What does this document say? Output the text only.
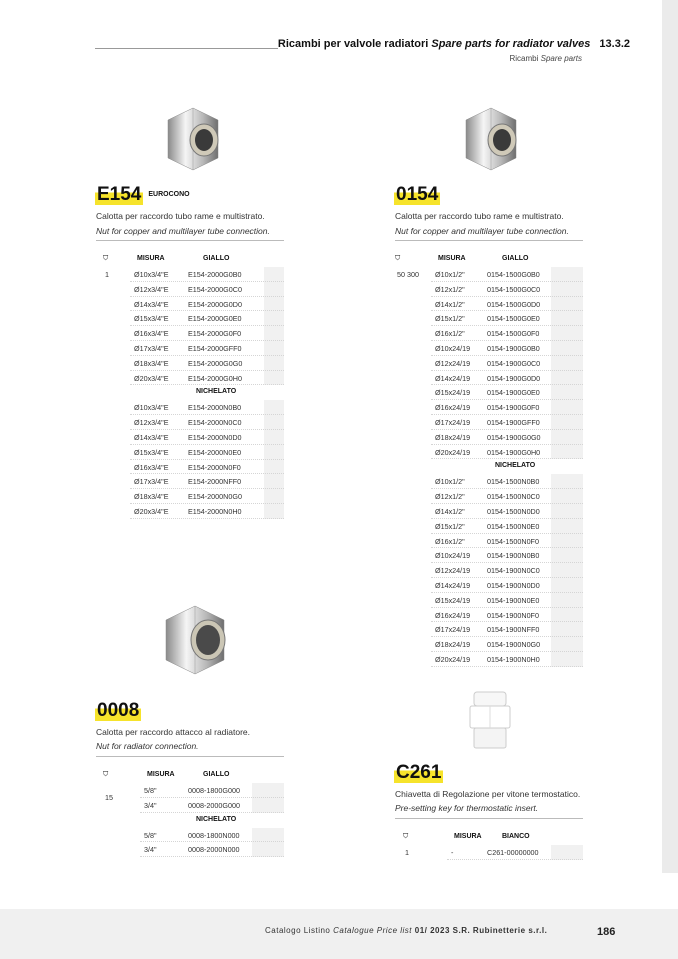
Ricambi per valvole radiatori Spare parts for radiator valves 13.3.2
Ricambi Spare parts
E154 EUROCONO
Calotta per raccordo tubo rame e multistrato.
Nut for copper and multilayer tube connection.
⛉	MISURA	GIALLO
1	Ø10x3/4"E	E154-2000G0B0
Ø12x3/4"E	E154-2000G0C0
Ø14x3/4"E	E154-2000G0D0
Ø15x3/4"E	E154-2000G0E0
Ø16x3/4"E	E154-2000G0F0
Ø17x3/4"E	E154-2000GFF0
Ø18x3/4"E	E154-2000G0G0
Ø20x3/4"E	E154-2000G0H0
NICHELATO
Ø10x3/4"E	E154-2000N0B0
Ø12x3/4"E	E154-2000N0C0
Ø14x3/4"E	E154-2000N0D0
Ø15x3/4"E	E154-2000N0E0
Ø16x3/4"E	E154-2000N0F0
Ø17x3/4"E	E154-2000NFF0
Ø18x3/4"E	E154-2000N0G0
Ø20x3/4"E	E154-2000N0H0
0154
Calotta per raccordo tubo rame e multistrato.
Nut for copper and multilayer tube connection.
⛉	MISURA	GIALLO
50 300 Ø10x1/2"	0154-1500G0B0
Ø12x1/2"	0154-1500G0C0
Ø14x1/2"	0154-1500G0D0
Ø15x1/2"	0154-1500G0E0
Ø16x1/2"	0154-1500G0F0
Ø10x24/19 0154-1900G0B0
Ø12x24/19 0154-1900G0C0
Ø14x24/19 0154-1900G0D0
Ø15x24/19 0154-1900G0E0
Ø16x24/19 0154-1900G0F0
Ø17x24/19 0154-1900GFF0
Ø18x24/19 0154-1900G0G0
Ø20x24/19 0154-1900G0H0
NICHELATO
Ø10x1/2"	0154-1500N0B0
Ø12x1/2"	0154-1500N0C0
Ø14x1/2"	0154-1500N0D0
Ø15x1/2"	0154-1500N0E0
Ø16x1/2"	0154-1500N0F0
Ø10x24/19 0154-1900N0B0
Ø12x24/19 0154-1900N0C0
Ø14x24/19 0154-1900N0D0
Ø15x24/19 0154-1900N0E0
Ø16x24/19 0154-1900N0F0
Ø17x24/19 0154-1900NFF0
Ø18x24/19 0154-1900N0G0
Ø20x24/19 0154-1900N0H0
0008
Calotta per raccordo attacco al radiatore.
Nut for radiator connection.
⛉	MISURA	GIALLO
15
5/8"	0008-1800G000
3/4"	0008-2000G000
NICHELATO
5/8"	0008-1800N000
3/4"	0008-2000N000
C261
Chiavetta di Regolazione per vitone termostatico.
Pre-setting key for thermostatic insert.
⛉	MISURA	BIANCO
1	-	C261-00000000
Catalogo Listino Catalogue Price list 01/ 2023 S.R. Rubinetterie s.r.l.	186
